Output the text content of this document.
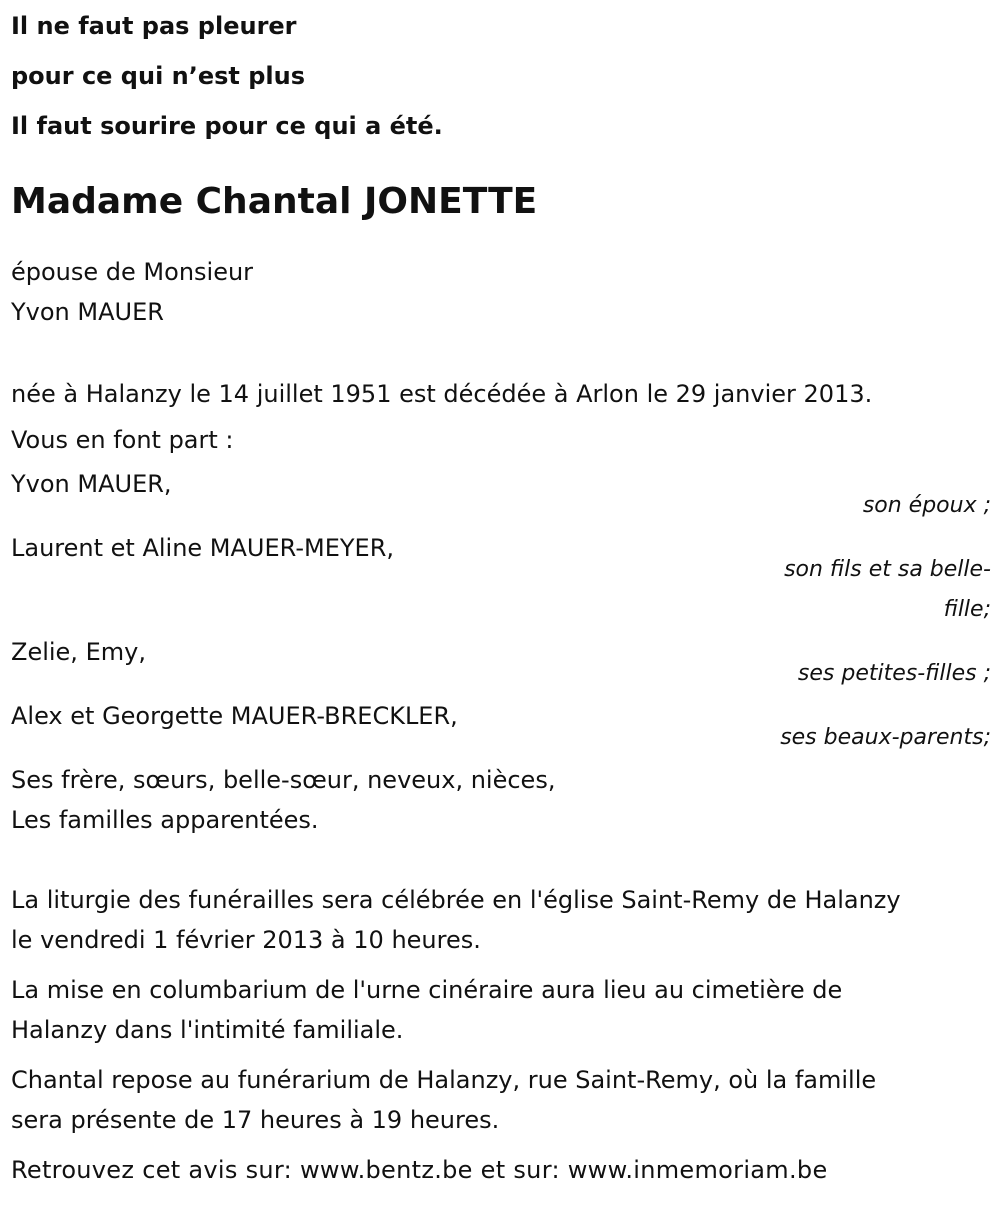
Il ne faut pas pleurer
pour ce qui n’est plus
Il faut sourire pour ce qui a été.
Madame Chantal JONETTE
épouse de Monsieur
Yvon MAUER
née à Halanzy le 14 juillet 1951 est décédée à Arlon le 29 janvier 2013.
Vous en font part :
Yvon MAUER,
son époux ;
Laurent et Aline MAUER-MEYER,
son fils et sa belle-
fille;
Zelie, Emy,
ses petites-filles ;
Alex et Georgette MAUER-BRECKLER,
ses beaux-parents;
Ses frère, sœurs, belle-sœur, neveux, nièces,
Les familles apparentées.
La liturgie des funérailles sera célébrée en l'église Saint-Remy de Halanzy
le vendredi 1 février 2013 à 10 heures.
La mise en columbarium de l'urne cinéraire aura lieu au cimetière de
Halanzy dans l'intimité familiale.
Chantal repose au funérarium de Halanzy, rue Saint-Remy, où la famille
sera présente de 17 heures à 19 heures.
Retrouvez cet avis sur: www.bentz.be et sur: www.inmemoriam.be
